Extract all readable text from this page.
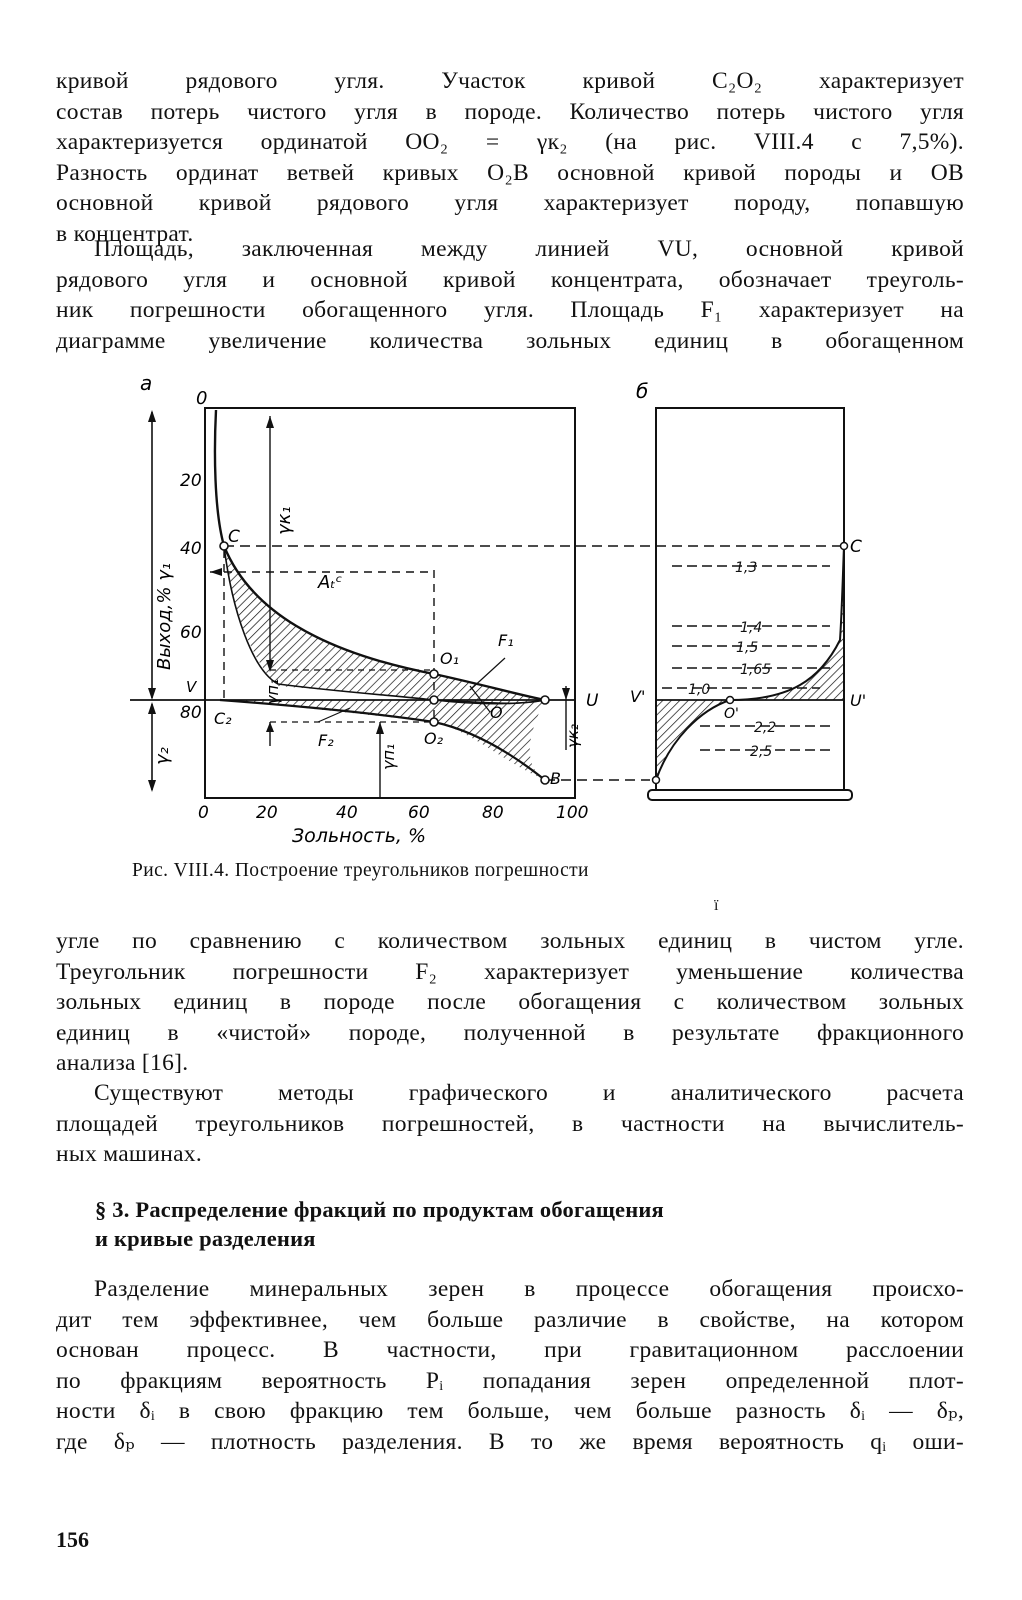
кривой рядового угля. Участок кривой C₂O₂ характеризует
состав потерь чистого угля в породе. Количество потерь чистого угля
характеризуется ординатой OO₂ = γк₂ (на рис. VIII.4 с 7,5%).
Разность ординат ветвей кривых O₂B основной кривой породы и OB
основной кривой рядового угля характеризует породу, попавшую
в концентрат.
Площадь, заключенная между линией VU, основной кривой
рядового угля и основной кривой концентрата, обозначает треуголь-
ник погрешности обогащенного угля. Площадь F₁ характеризует на
диаграмме увеличение количества зольных единиц в обогащенном
а
0
Выход,% γ₁
γ₂
20
40
60
80
V
0	20	40	60	80	100
Зольность, %
γк₁
γп₁
γп₁
γк₂
C
C₂
O₁
O
O₂
B
U
F₁
F₂
Aₜᶜ
б
1,3
1,4
1,5
1,65
1,0
2,2
2,5
C
V'	U'
O'
Рис. VIII.4. Построение треугольников погрешности
ї
угле по сравнению с количеством зольных единиц в чистом угле.
Треугольник погрешности F₂ характеризует уменьшение количества
зольных единиц в породе после обогащения с количеством зольных
единиц в «чистой» породе, полученной в результате фракционного
анализа [16].
Существуют методы графического и аналитического расчета
площадей треугольников погрешностей, в частности на вычислитель-
ных машинах.
§ 3. Распределение фракций по продуктам обогащения
и кривые разделения
Разделение минеральных зерен в процессе обогащения происхо-
дит тем эффективнее, чем больше различие в свойстве, на котором
основан процесс. В частности, при гравитационном расслоении
по фракциям вероятность Pᵢ попадания зерен определенной плот-
ности δᵢ в свою фракцию тем больше, чем больше разность δᵢ — δₚ,
где δₚ — плотность разделения. В то же время вероятность qᵢ оши-
156
